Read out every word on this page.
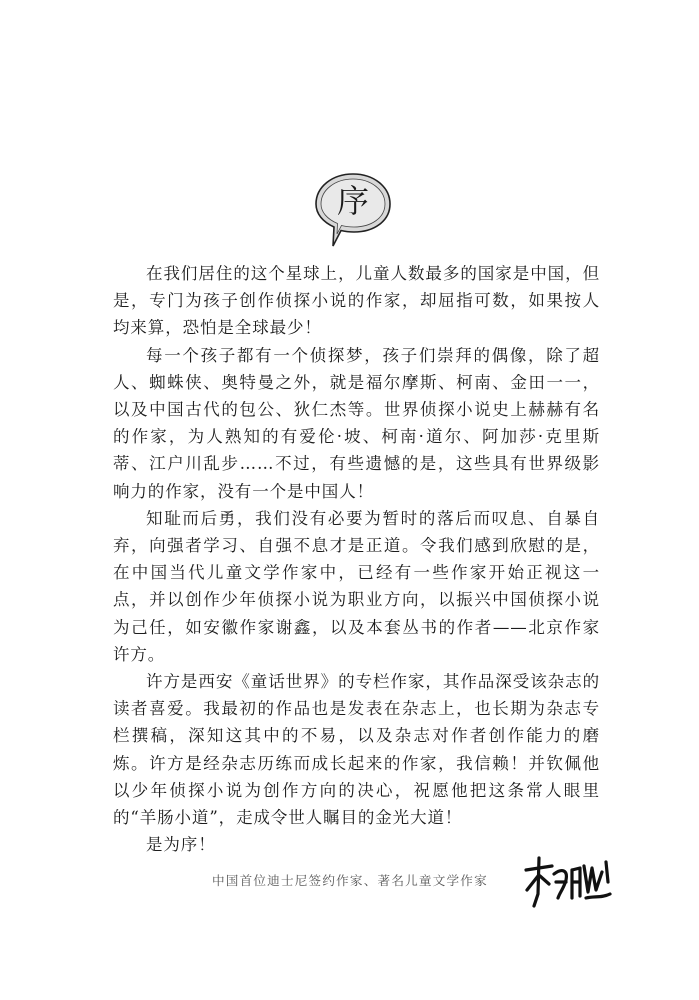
序

在我们居住的这个星球上，儿童人数最多的国家是中国，但是，专门为孩子创作侦探小说的作家，却屈指可数，如果按人均来算，恐怕是全球最少！

每一个孩子都有一个侦探梦，孩子们崇拜的偶像，除了超人、蜘蛛侠、奥特曼之外，就是福尔摩斯、柯南、金田一一，以及中国古代的包公、狄仁杰等。世界侦探小说史上赫赫有名的作家，为人熟知的有爱伦·坡、柯南·道尔、阿加莎·克里斯蒂、江户川乱步……不过，有些遗憾的是，这些具有世界级影响力的作家，没有一个是中国人！

知耻而后勇，我们没有必要为暂时的落后而叹息、自暴自弃，向强者学习、自强不息才是正道。令我们感到欣慰的是，在中国当代儿童文学作家中，已经有一些作家开始正视这一点，并以创作少年侦探小说为职业方向，以振兴中国侦探小说为己任，如安徽作家谢鑫，以及本套丛书的作者——北京作家许方。

许方是西安《童话世界》的专栏作家，其作品深受该杂志的读者喜爱。我最初的作品也是发表在杂志上，也长期为杂志专栏撰稿，深知这其中的不易，以及杂志对作者创作能力的磨炼。许方是经杂志历练而成长起来的作家，我信赖！并钦佩他以少年侦探小说为创作方向的决心，祝愿他把这条常人眼里的“羊肠小道”，走成令世人瞩目的金光大道！

是为序！

中国首位迪士尼签约作家、著名儿童文学作家
